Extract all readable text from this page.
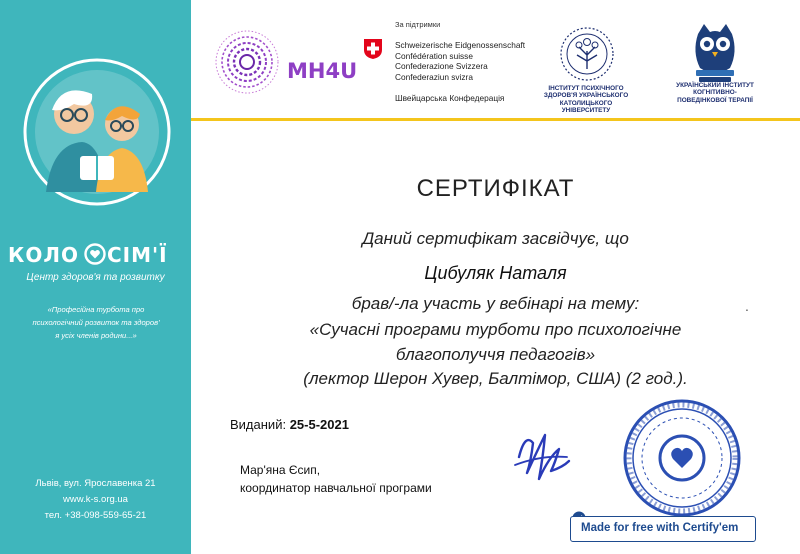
КОЛО СІМ'Ї
Центр здоров'я та розвитку
«Професійна турбота про
психологічний розвиток та здоров'
я усіх членів родини...»
Львів, вул. Ярославенка 21
www.k-s.org.ua
тел. +38-098-559-65-21
MH4U
За підтримки
Schweizerische Eidgenossenschaft
Confédération suisse
Confederazione Svizzera
Confederaziun svizra
Швейцарська Конфедерація
ІНСТИТУТ ПСИХІЧНОГО
ЗДОРОВ'Я УКРАЇНСЬКОГО
КАТОЛИЦЬКОГО
УНІВЕРСИТЕТУ
УКРАЇНСЬКИЙ ІНСТИТУТ
КОГНІТИВНО-
ПОВЕДІНКОВОЇ ТЕРАПІЇ
СЕРТИФІКАТ
Даний сертифікат засвідчує, що
Цибуляк Наталя
брав/-ла участь у вебінарі на тему:	.
«Сучасні програми турботи про психологічне
благополуччя педагогів»
(лектор Шерон Хувер, Балтімор, США) (2 год.).
Виданий: 25-5-2021
Мар'яна Єсип,
координатор навчальної програми
Made for free with Certify'em
